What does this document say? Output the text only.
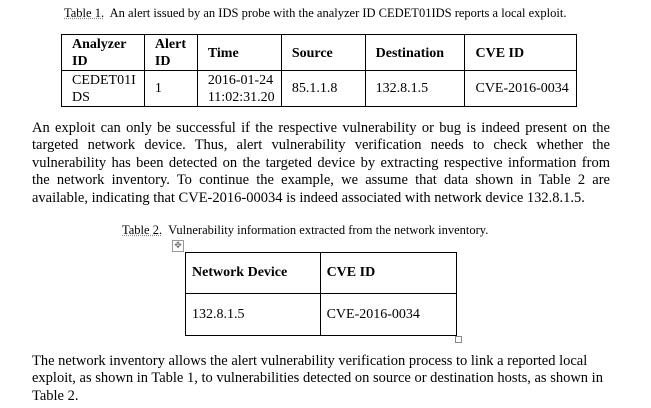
Table 1. An alert issued by an IDS probe with the analyzer ID CEDET01IDS reports a local exploit.
Analyzer ID	Alert ID	Time	Source	Destination	CVE ID
CEDET01IDS	1	2016-01-24 11:02:31.20	85.1.1.8	132.8.1.5	CVE-2016-0034
An exploit can only be successful if the respective vulnerability or bug is indeed present on the targeted network device. Thus, alert vulnerability verification needs to check whether the vulnerability has been detected on the targeted device by extracting respective information from the network inventory. To continue the example, we assume that data shown in Table 2 are available, indicating that CVE-2016-00034 is indeed associated with network device 132.8.1.5.
Table 2. Vulnerability information extracted from the network inventory.
✥
Network Device	CVE ID
132.8.1.5	CVE-2016-0034
The network inventory allows the alert vulnerability verification process to link a reported local exploit, as shown in Table 1, to vulnerabilities detected on source or destination hosts, as shown in Table 2.
